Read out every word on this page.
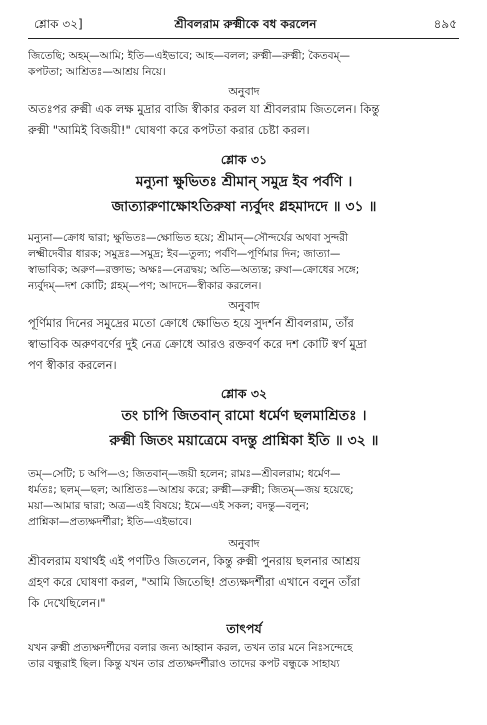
শ্লোক ৩২]	শ্রীবলরাম রুক্মীকে বধ করলেন	৪৯৫
জিতেছি; অহম্—আমি; ইতি—এইভাবে; আহ—বলল; রুক্মী—রুক্মী; কৈতবম্—
কপটতা; আশ্রিতঃ—আশ্রয় নিয়ে।
অনুবাদ
অতঃপর রুক্মী এক লক্ষ মুদ্রার বাজি স্বীকার করল যা শ্রীবলরাম জিতলেন। কিন্তু
রুক্মী "আমিই বিজয়ী!" ঘোষণা করে কপটতা করার চেষ্টা করল।
শ্লোক ৩১
মন্যুনা ক্ষুভিতঃ শ্রীমান্ সমুদ্র ইব পর্বণি ।
জাত্যারুণাক্ষোঽতিরুষা ন্যর্বুদং গ্লহমাদদে ॥ ৩১ ॥
মন্যুনা—ক্রোধ দ্বারা; ক্ষুভিতঃ—ক্ষোভিত হয়ে; শ্রীমান্—সৌন্দর্যের অথবা সুন্দরী
লক্ষ্মীদেবীর ধারক; সমুদ্রঃ—সমুদ্র; ইব—তুল্য; পর্বণি—পূর্ণিমার দিন; জাত্যা—
স্বাভাবিক; অরুণ—রক্তাভ; অক্ষঃ—নেত্রদ্বয়; অতি—অত্যন্ত; রুষা—ক্রোধের সঙ্গে;
ন্যর্বুদম্—দশ কোটি; গ্লহম্—পণ; আদদে—স্বীকার করলেন।
অনুবাদ
পূর্ণিমার দিনের সমুদ্রের মতো ক্রোধে ক্ষোভিত হয়ে সুদর্শন শ্রীবলরাম, তাঁর
স্বাভাবিক অরুণবর্ণের দুই নেত্র ক্রোধে আরও রক্তবর্ণ করে দশ কোটি স্বর্ণ মুদ্রা
পণ স্বীকার করলেন।
শ্লোক ৩২
তং চাপি জিতবান্ রামো ধর্মেণ ছলমাশ্রিতঃ ।
রুক্মী জিতং ময়াত্রেমে বদন্তু প্রাশ্নিকা ইতি ॥ ৩২ ॥
তম্—সেটি; চ অপি—ও; জিতবান্—জয়ী হলেন; রামঃ—শ্রীবলরাম; ধর্মেণ—
ধর্মতঃ; ছলম্—ছল; আশ্রিতঃ—আশ্রয় করে; রুক্মী—রুক্মী; জিতম্—জয় হয়েছে;
ময়া—আমার দ্বারা; অত্র—এই বিষয়ে; ইমে—এই সকল; বদন্তু—বলুন;
প্রাশ্নিকা—প্রত্যক্ষদর্শীরা; ইতি—এইভাবে।
অনুবাদ
শ্রীবলরাম যথার্থই এই পণটিও জিতলেন, কিন্তু রুক্মী পুনরায় ছলনার আশ্রয়
গ্রহণ করে ঘোষণা করল, "আমি জিতেছি! প্রত্যক্ষদর্শীরা এখানে বলুন তাঁরা
কি দেখেছিলেন।"
তাৎপর্য
যখন রুক্মী প্রত্যক্ষদর্শীদের বলার জন্য আহ্বান করল, তখন তার মনে নিঃসন্দেহে
তার বন্ধুরাই ছিল। কিন্তু যখন তার প্রত্যক্ষদর্শীরাও তাদের কপট বন্ধুকে সাহায্য
